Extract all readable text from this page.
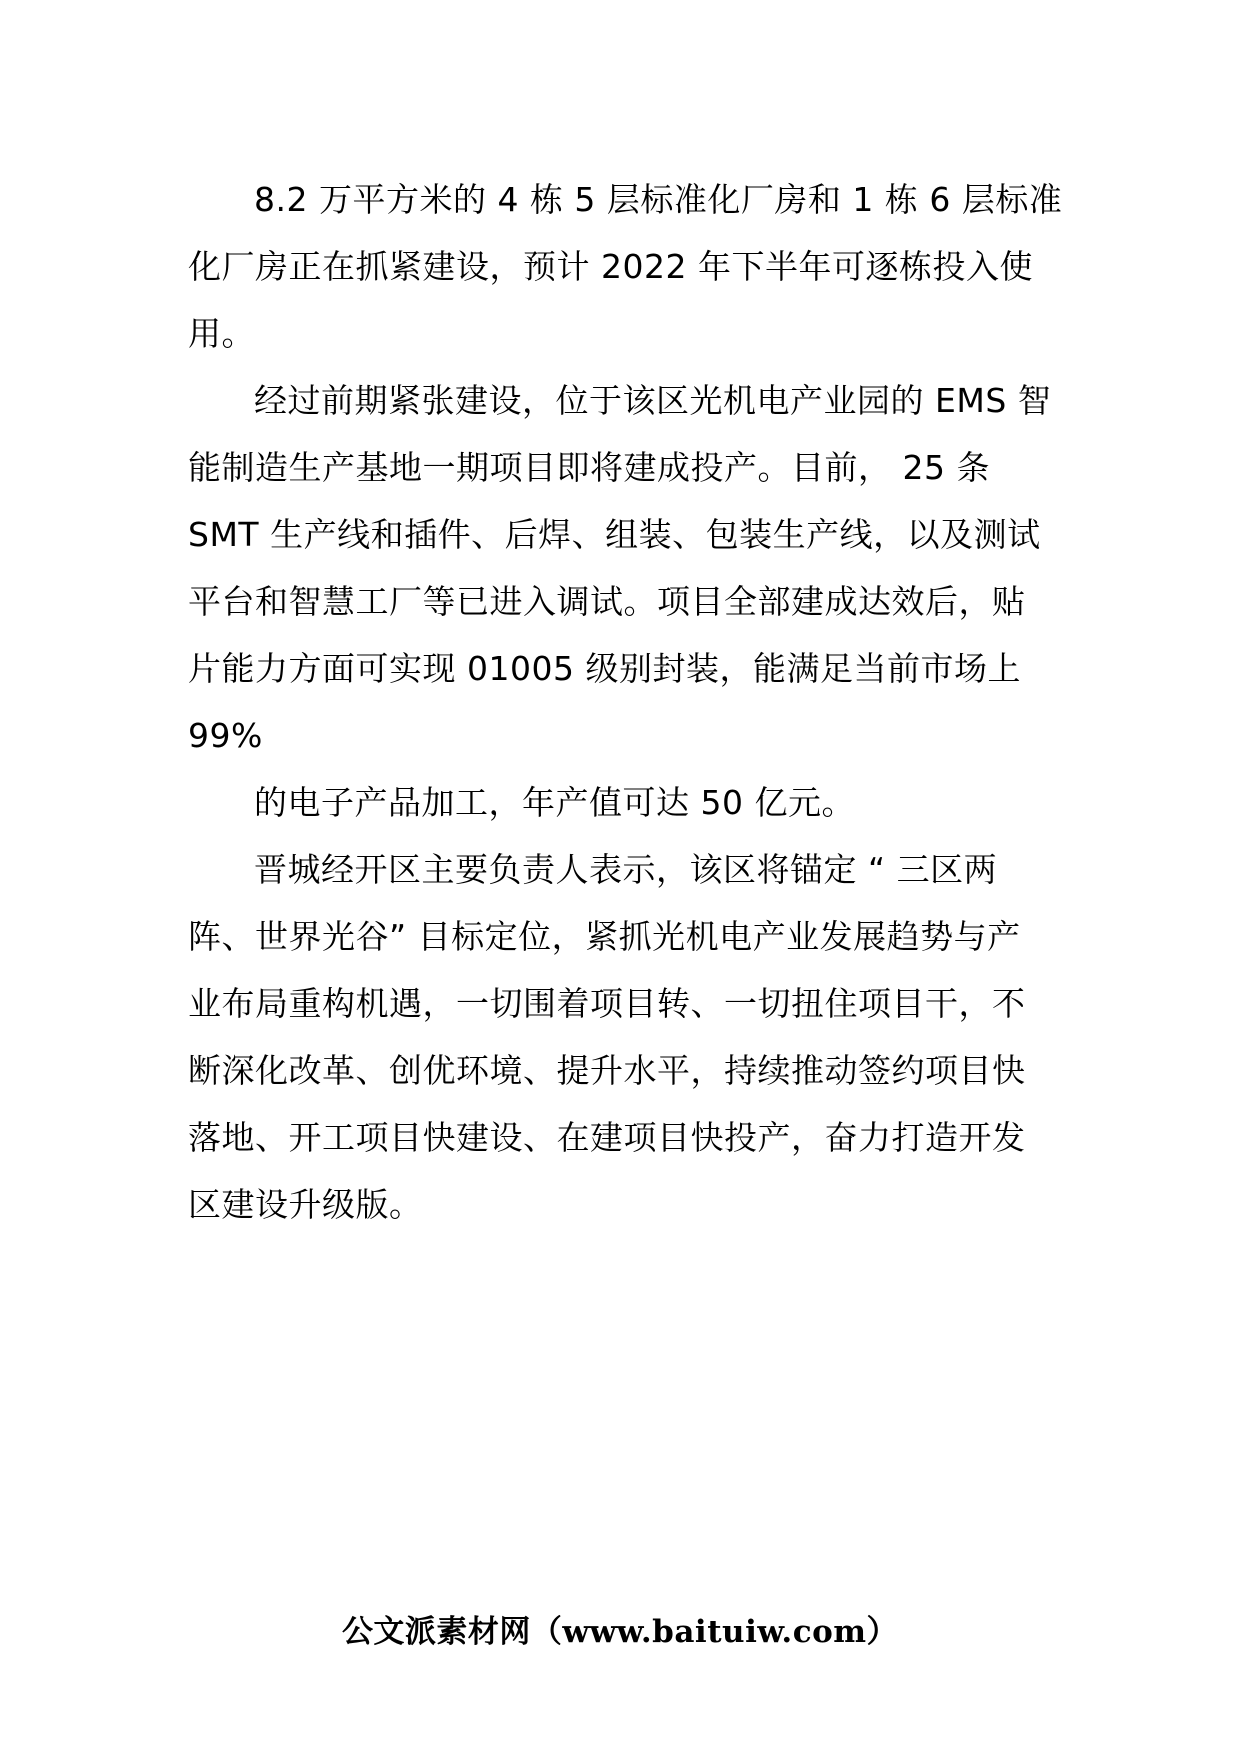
8.2 万平方米的 4 栋 5 层标准化厂房和 1 栋 6 层标准
化厂房正在抓紧建设，预计 2022 年下半年可逐栋投入使
用。

经过前期紧张建设，位于该区光机电产业园的 EMS 智
能制造生产基地一期项目即将建成投产。目前， 25 条
SMT 生产线和插件、后焊、组装、包装生产线，以及测试
平台和智慧工厂等已进入调试。项目全部建成达效后，贴
片能力方面可实现 01005 级别封装，能满足当前市场上
99%

的电子产品加工，年产值可达 50 亿元。

晋城经开区主要负责人表示，该区将锚定 “ 三区两
阵、世界光谷” 目标定位，紧抓光机电产业发展趋势与产
业布局重构机遇，一切围着项目转、一切扭住项目干，不
断深化改革、创优环境、提升水平，持续推动签约项目快
落地、开工项目快建设、在建项目快投产，奋力打造开发
区建设升级版。

公文派素材网（www.baituiw.com）
